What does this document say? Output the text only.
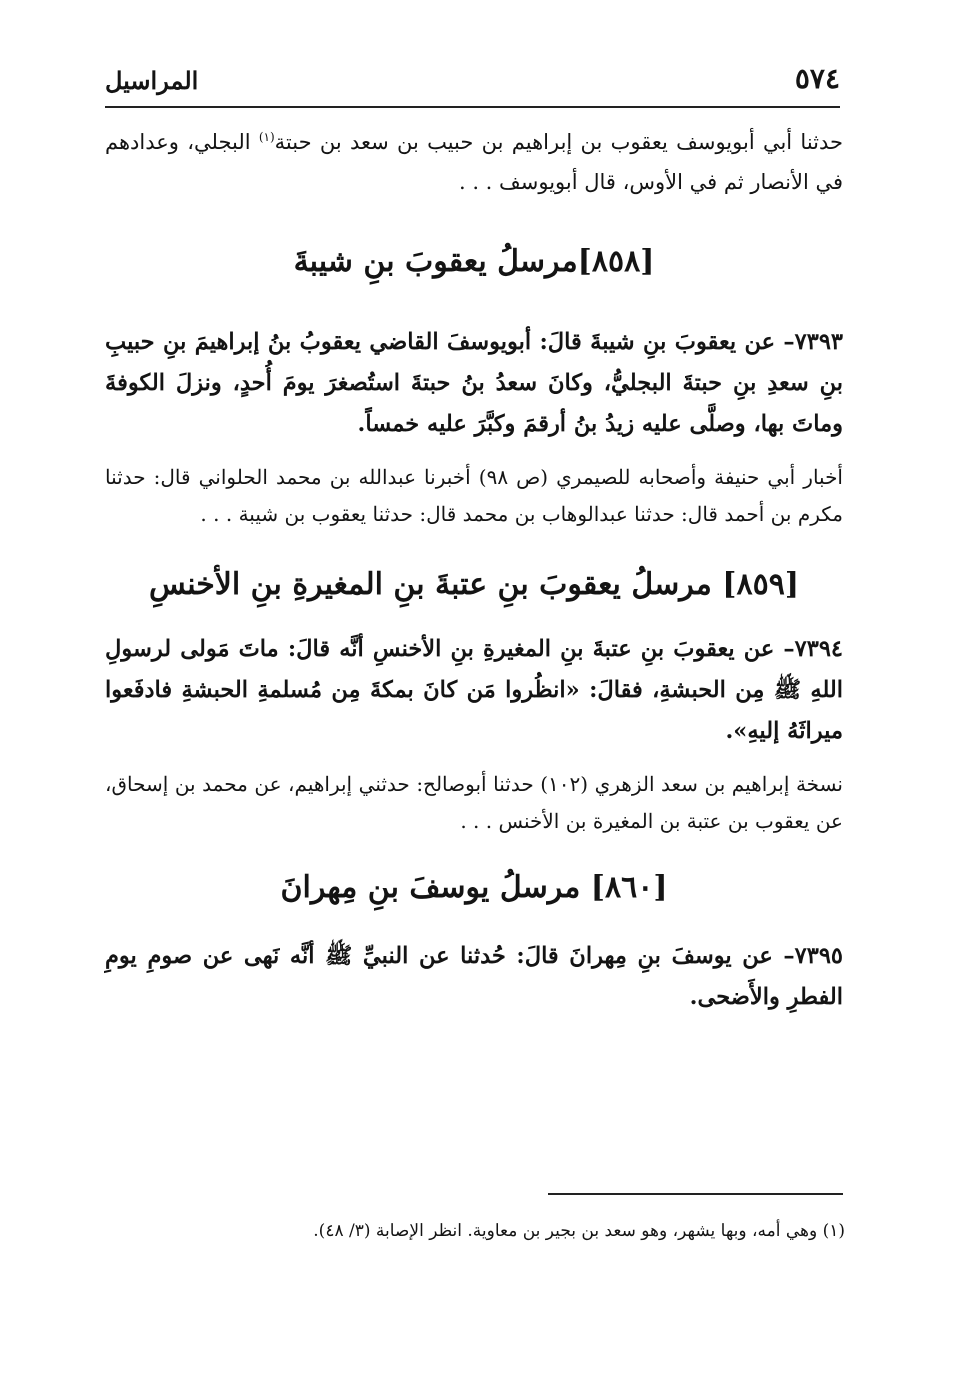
٥٧٤
المراسيل

حدثنا أبي أبويوسف يعقوب بن إبراهيم بن حبيب بن سعد بن حبتة$^{(١)}$ البجلي، وعدادهم في الأنصار ثم في الأوس، قال أبويوسف . . .

[٨٥٨]مرسلُ يعقوبَ بنِ شيبةَ

٧٣٩٣– عن يعقوبَ بنِ شيبةَ قالَ: أبويوسفَ القاضي يعقوبُ بنُ إبراهيمَ بنِ حبيبِ بنِ سعدِ بنِ حبتةَ البجليُّ، وكانَ سعدُ بنُ حبتةَ استُصغرَ يومَ أُحدٍ، ونزلَ الكوفةَ وماتَ بها، وصلَّى عليه زيدُ بنُ أرقمَ وكبَّرَ عليه خمساً.

أخبار أبي حنيفة وأصحابه للصيمري (ص ٩٨) أخبرنا عبدالله بن محمد الحلواني قال: حدثنا مكرم بن أحمد قال: حدثنا عبدالوهاب بن محمد قال: حدثنا يعقوب بن شيبة . . .

[٨٥٩] مرسلُ يعقوبَ بنِ عتبةَ بنِ المغيرةِ بنِ الأخنسِ

٧٣٩٤– عن يعقوبَ بنِ عتبةَ بنِ المغيرةِ بنِ الأخنسِ أنَّه قالَ: ماتَ مَولى لرسولِ اللهِ ﷺ مِن الحبشةِ، فقالَ: «انظُروا مَن كانَ بمكةَ مِن مُسلمةِ الحبشةِ فادفَعوا ميراثَهُ إليهِ».

نسخة إبراهيم بن سعد الزهري (١٠٢) حدثنا أبوصالح: حدثني إبراهيم، عن محمد بن إسحاق، عن يعقوب بن عتبة بن المغيرة بن الأخنس . . .

[٨٦٠] مرسلُ يوسفَ بنِ مِهرانَ

٧٣٩٥– عن يوسفَ بنِ مِهرانَ قالَ: حُدثنا عن النبيِّ ﷺ أنَّه نَهى عن صومِ يومِ الفطرِ والأَضحى.

(١) وهي أمه، وبها يشهر، وهو سعد بن بجير بن معاوية. انظر الإصابة (٣/ ٤٨).
